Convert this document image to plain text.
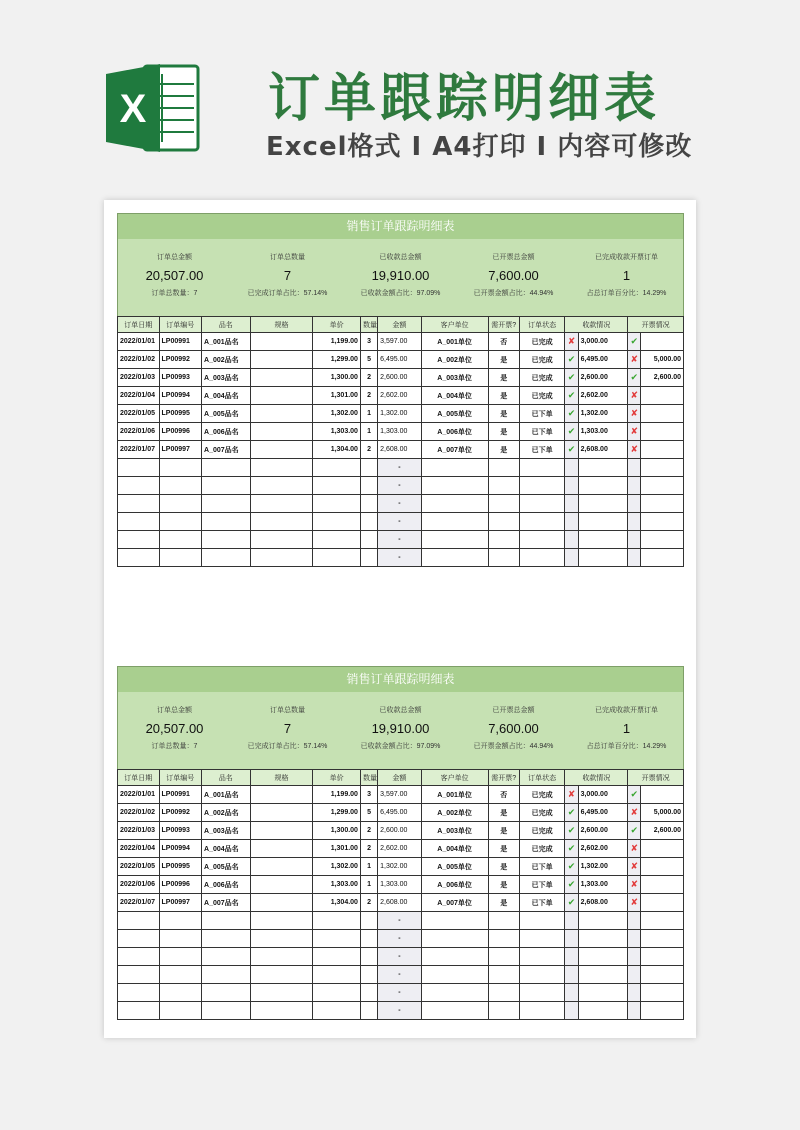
X 订单跟踪明细表
Excel格式 I A4打印 I 内容可修改
销售订单跟踪明细表
订单总金额
20,507.00
订单总数量：7
订单总数量
7
已完成订单占比：57.14%
已收款总金额
19,910.00
已收款金额占比：97.09%
已开票总金额
7,600.00
已开票金额占比：44.94%
已完成收款开票订单
1
占总订单百分比：14.29%
订单日期	订单编号	品名	规格	单价	数量	金额	客户单位	需开票?	订单状态	收款情况		开票情况	
2022/01/01	LP00991	A_001品名		1,199.00	3	3,597.00	A_001单位	否	已完成	✘	3,000.00	✔	
2022/01/02	LP00992	A_002品名		1,299.00	5	6,495.00	A_002单位	是	已完成	✔	6,495.00	✘	5,000.00
2022/01/03	LP00993	A_003品名		1,300.00	2	2,600.00	A_003单位	是	已完成	✔	2,600.00	✔	2,600.00
2022/01/04	LP00994	A_004品名		1,301.00	2	2,602.00	A_004单位	是	已完成	✔	2,602.00	✘	
2022/01/05	LP00995	A_005品名		1,302.00	1	1,302.00	A_005单位	是	已下单	✔	1,302.00	✘	
2022/01/06	LP00996	A_006品名		1,303.00	1	1,303.00	A_006单位	是	已下单	✔	1,303.00	✘	
2022/01/07	LP00997	A_007品名		1,304.00	2	2,608.00	A_007单位	是	已下单	✔	2,608.00	✘	
						-							
						-							
						-							
						-							
						-							
						-							
销售订单跟踪明细表
订单总金额
20,507.00
订单总数量：7
订单总数量
7
已完成订单占比：57.14%
已收款总金额
19,910.00
已收款金额占比：97.09%
已开票总金额
7,600.00
已开票金额占比：44.94%
已完成收款开票订单
1
占总订单百分比：14.29%
订单日期	订单编号	品名	规格	单价	数量	金额	客户单位	需开票?	订单状态	收款情况		开票情况	
2022/01/01	LP00991	A_001品名		1,199.00	3	3,597.00	A_001单位	否	已完成	✘	3,000.00	✔	
2022/01/02	LP00992	A_002品名		1,299.00	5	6,495.00	A_002单位	是	已完成	✔	6,495.00	✘	5,000.00
2022/01/03	LP00993	A_003品名		1,300.00	2	2,600.00	A_003单位	是	已完成	✔	2,600.00	✔	2,600.00
2022/01/04	LP00994	A_004品名		1,301.00	2	2,602.00	A_004单位	是	已完成	✔	2,602.00	✘	
2022/01/05	LP00995	A_005品名		1,302.00	1	1,302.00	A_005单位	是	已下单	✔	1,302.00	✘	
2022/01/06	LP00996	A_006品名		1,303.00	1	1,303.00	A_006单位	是	已下单	✔	1,303.00	✘	
2022/01/07	LP00997	A_007品名		1,304.00	2	2,608.00	A_007单位	是	已下单	✔	2,608.00	✘	
						-							
						-							
						-							
						-							
						-							
						-							
